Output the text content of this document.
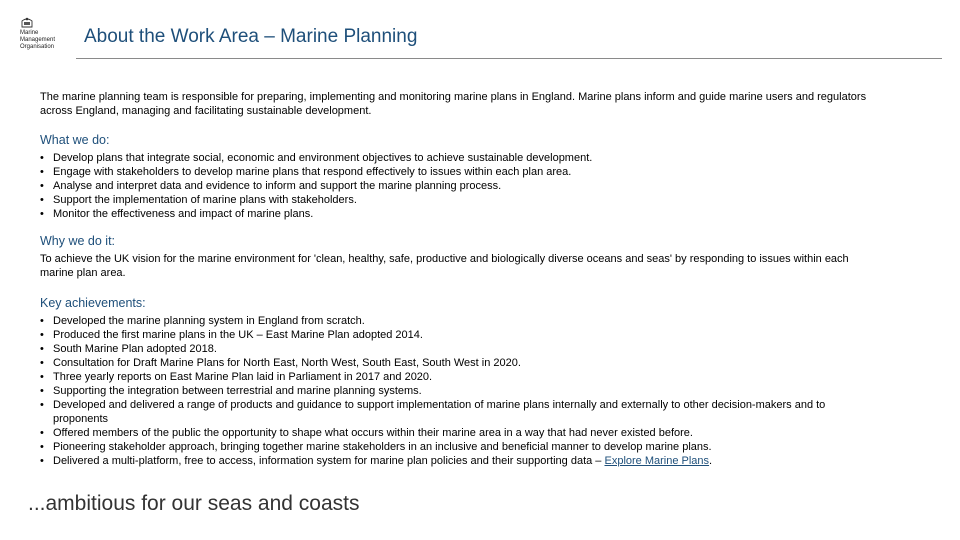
Marine
Management
Organisation About the Work Area – Marine Planning

The marine planning team is responsible for preparing, implementing and monitoring marine plans in England. Marine plans inform and guide marine users and regulators across England, managing and facilitating sustainable development.

What we do:

• Develop plans that integrate social, economic and environment objectives to achieve sustainable development.
• Engage with stakeholders to develop marine plans that respond effectively to issues within each plan area.
• Analyse and interpret data and evidence to inform and support the marine planning process.
• Support the implementation of marine plans with stakeholders.
• Monitor the effectiveness and impact of marine plans.

Why we do it:

To achieve the UK vision for the marine environment for 'clean, healthy, safe, productive and biologically diverse oceans and seas' by responding to issues within each marine plan area.

Key achievements:

• Developed the marine planning system in England from scratch.
• Produced the first marine plans in the UK – East Marine Plan adopted 2014.
• South Marine Plan adopted 2018.
• Consultation for Draft Marine Plans for North East, North West, South East, South West in 2020.
• Three yearly reports on East Marine Plan laid in Parliament in 2017 and 2020.
• Supporting the integration between terrestrial and marine planning systems.
• Developed and delivered a range of products and guidance to support implementation of marine plans internally and externally to other decision-makers and to proponents
• Offered members of the public the opportunity to shape what occurs within their marine area in a way that had never existed before.
• Pioneering stakeholder approach, bringing together marine stakeholders in an inclusive and beneficial manner to develop marine plans.
• Delivered a multi-platform, free to access, information system for marine plan policies and their supporting data – Explore Marine Plans.
...ambitious for our seas and coasts
